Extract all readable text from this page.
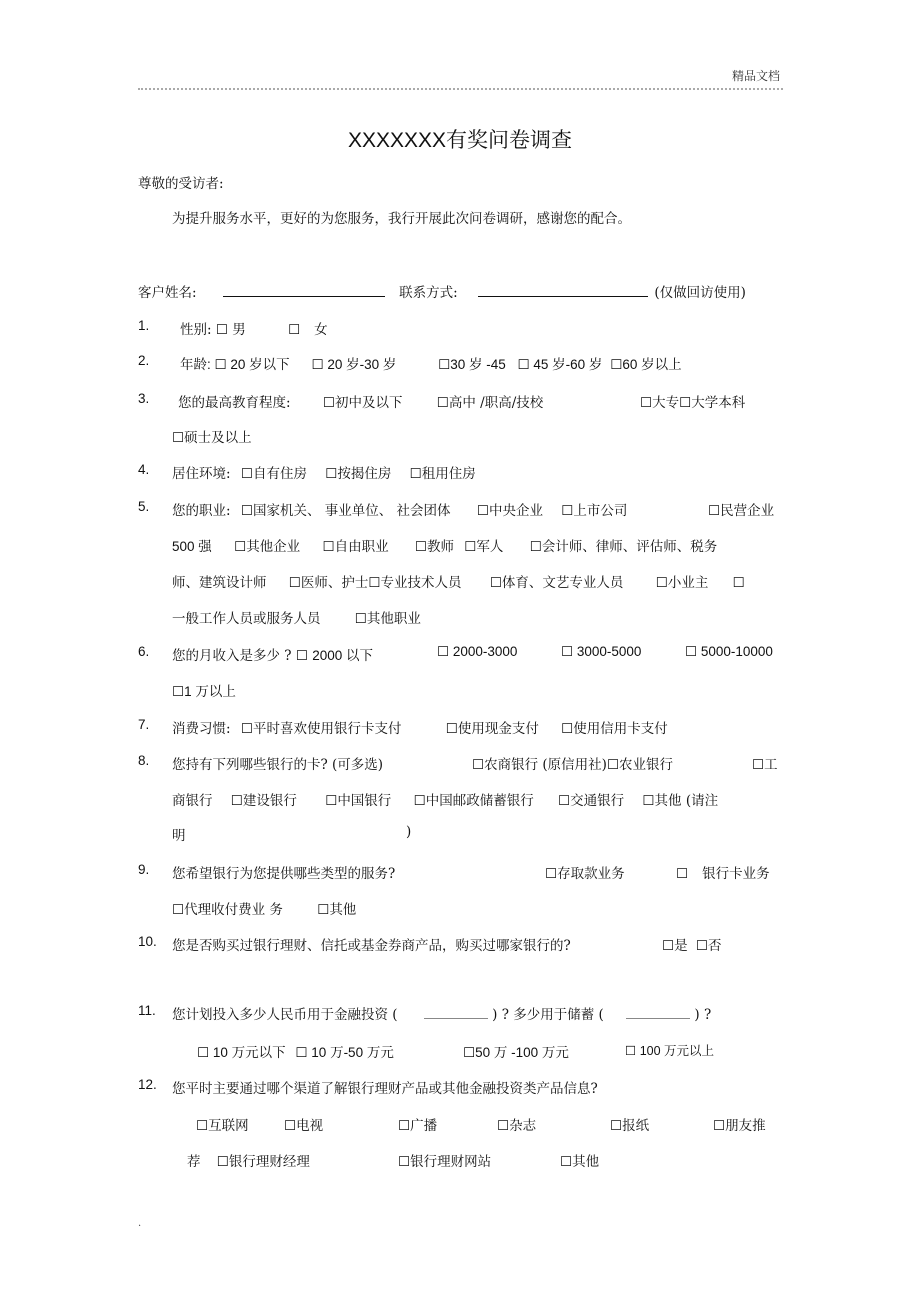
精品文档
XXXXXXX有奖问卷调查
尊敬的受访者:
为提升服务水平，更好的为您服务，我行开展此次问卷调研，感谢您的配合。
客户姓名:	联系方式:	(仅做回访使用)
1. 性别: ☐ 男	☐ 女
2. 年龄: ☐ 20 岁以下 ☐ 20 岁-30 岁	☐30 岁 -45 ☐ 45 岁-60 岁 ☐60 岁以上
3. 您的最高教育程度: ☐初中及以下	☐高中 /职高/技校	☐大专☐大学本科
☐硕士及以上
4. 居住环境: ☐自有住房 ☐按揭住房 ☐租用住房
5. 您的职业: ☐国家机关、 事业单位、 社会团体 ☐中央企业 ☐上市公司	☐民营企业
500 强 ☐其他企业 ☐自由职业 ☐教师 ☐军人 ☐会计师、律师、评估师、税务
师、建筑设计师 ☐医师、护士☐专业技术人员 ☐体育、文艺专业人员 ☐小业主 ☐
一般工作人员或服务人员	☐其他职业
6. 您的月收入是多少 ? ☐ 2000 以下	☐ 2000-3000	☐ 3000-5000	☐ 5000-10000
☐1 万以上
7. 消费习惯: ☐平时喜欢使用银行卡支付	☐使用现金支付 ☐使用信用卡支付
8. 您持有下列哪些银行的卡? (可多选)	☐农商银行 (原信用社)☐农业银行	☐工
商银行 ☐建设银行 ☐中国银行 ☐中国邮政储蓄银行 ☐交通银行 ☐其他 (请注
明	)
9. 您希望银行为您提供哪些类型的服务?	☐存取款业务	☐ 银行卡业务
☐代理收付费业 务	☐其他
10. 您是否购买过银行理财、信托或基金券商产品，购买过哪家银行的?	☐是 ☐否
11. 您计划投入多少人民币用于金融投资 (	) ? 多少用于储蓄 (	) ?
☐ 10 万元以下 ☐ 10 万-50 万元	☐50 万 -100 万元	☐ 100 万元以上
12. 您平时主要通过哪个渠道了解银行理财产品或其他金融投资类产品信息?
☐互联网	☐电视	☐广播	☐杂志	☐报纸	☐朋友推
荐 ☐银行理财经理	☐银行理财网站	☐其他
.
